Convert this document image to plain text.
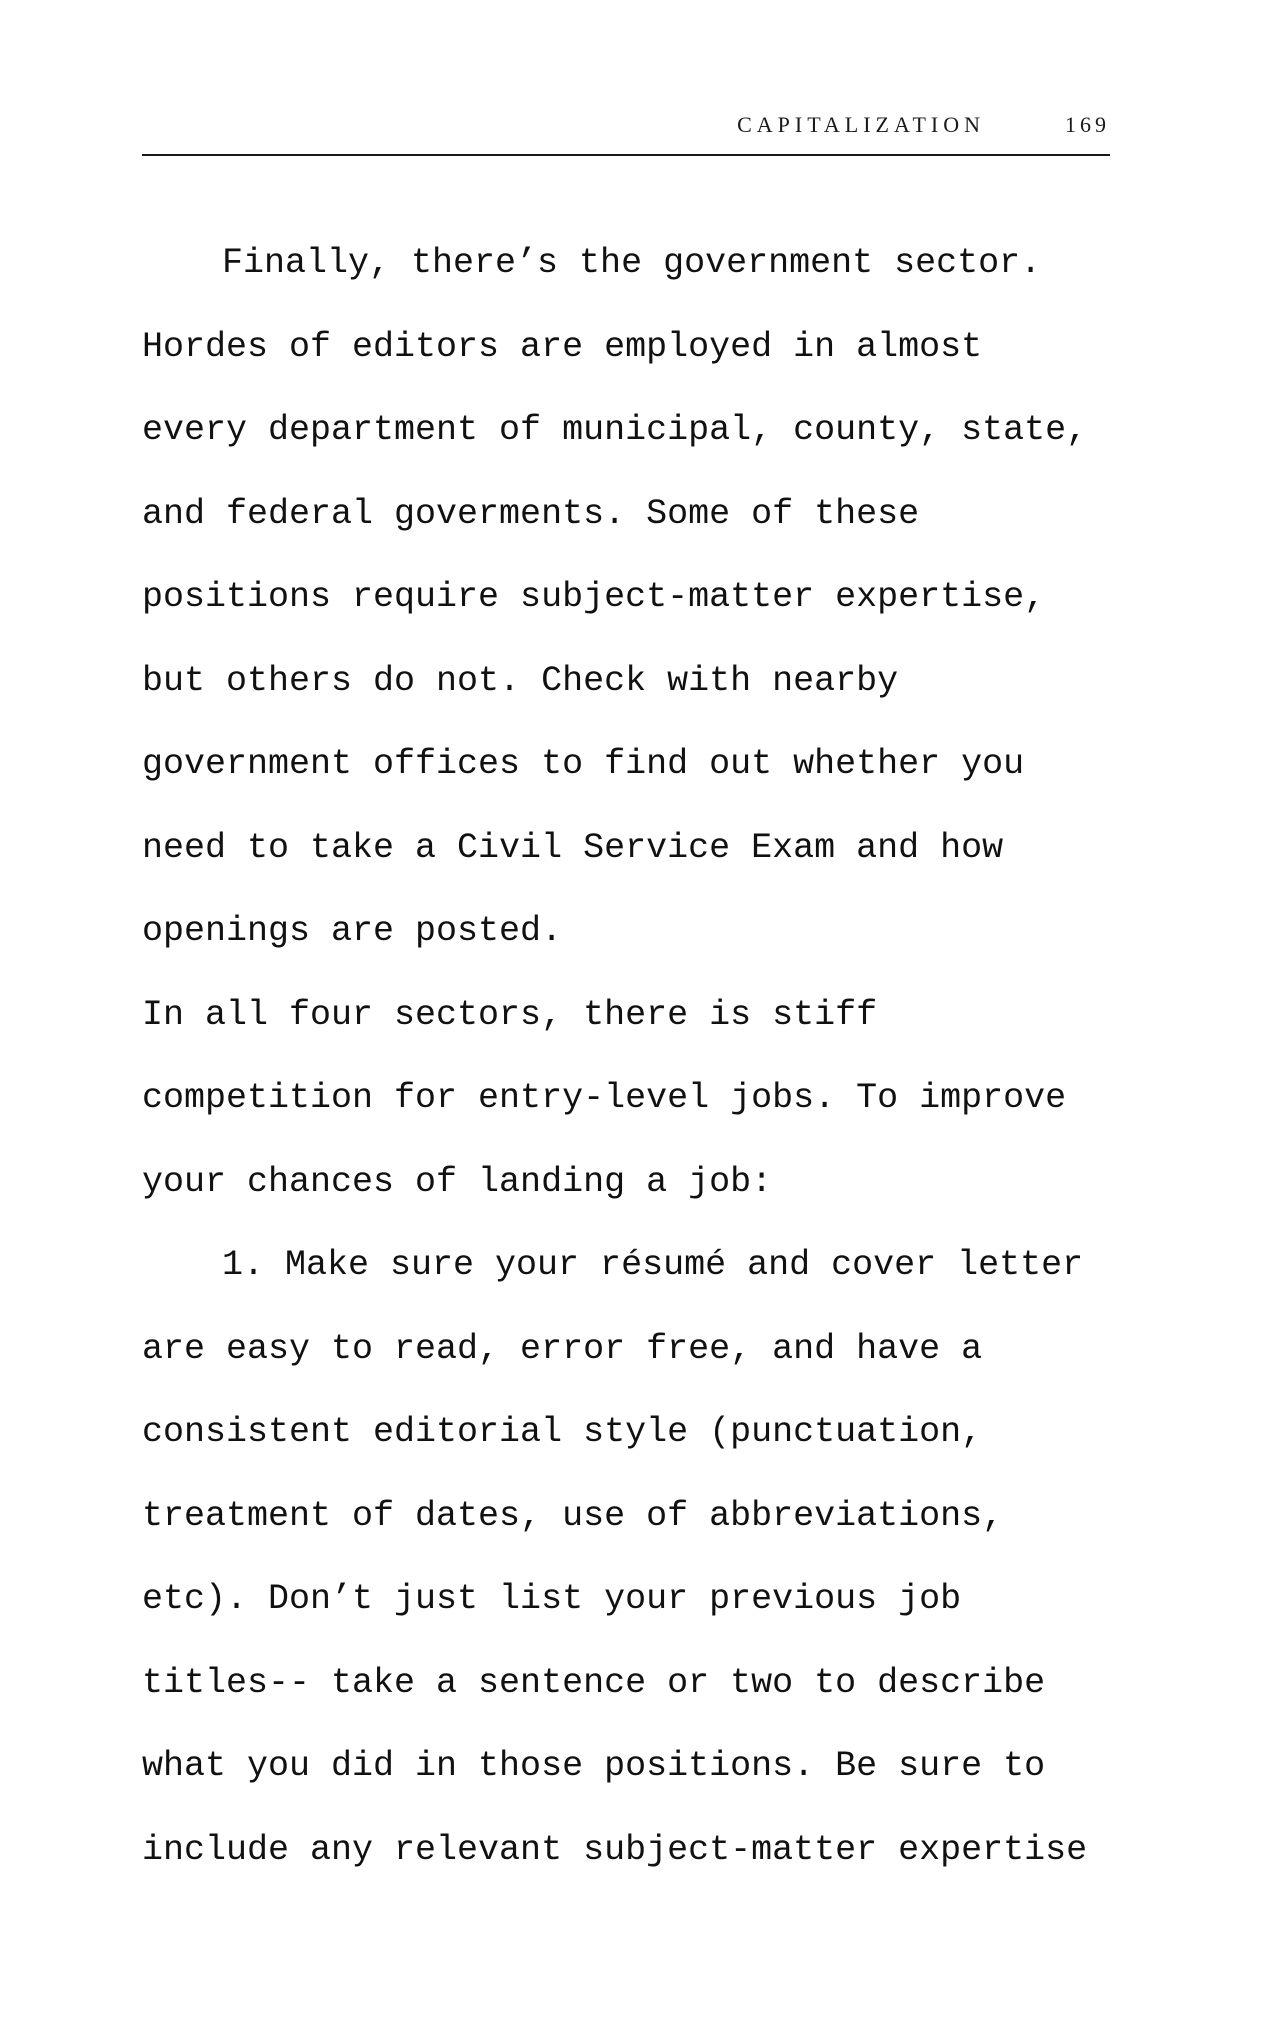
CAPITALIZATION	169
Finally, there’s the government sector.
Hordes of editors are employed in almost
every department of municipal, county, state,
and federal goverments. Some of these
positions require subject-matter expertise,
but others do not. Check with nearby
government offices to find out whether you
need to take a Civil Service Exam and how
openings are posted.
In all four sectors, there is stiff
competition for entry-level jobs. To improve
your chances of landing a job:
1. Make sure your résumé and cover letter
are easy to read, error free, and have a
consistent editorial style (punctuation,
treatment of dates, use of abbreviations,
etc). Don’t just list your previous job
titles-- take a sentence or two to describe
what you did in those positions. Be sure to
include any relevant subject-matter expertise
